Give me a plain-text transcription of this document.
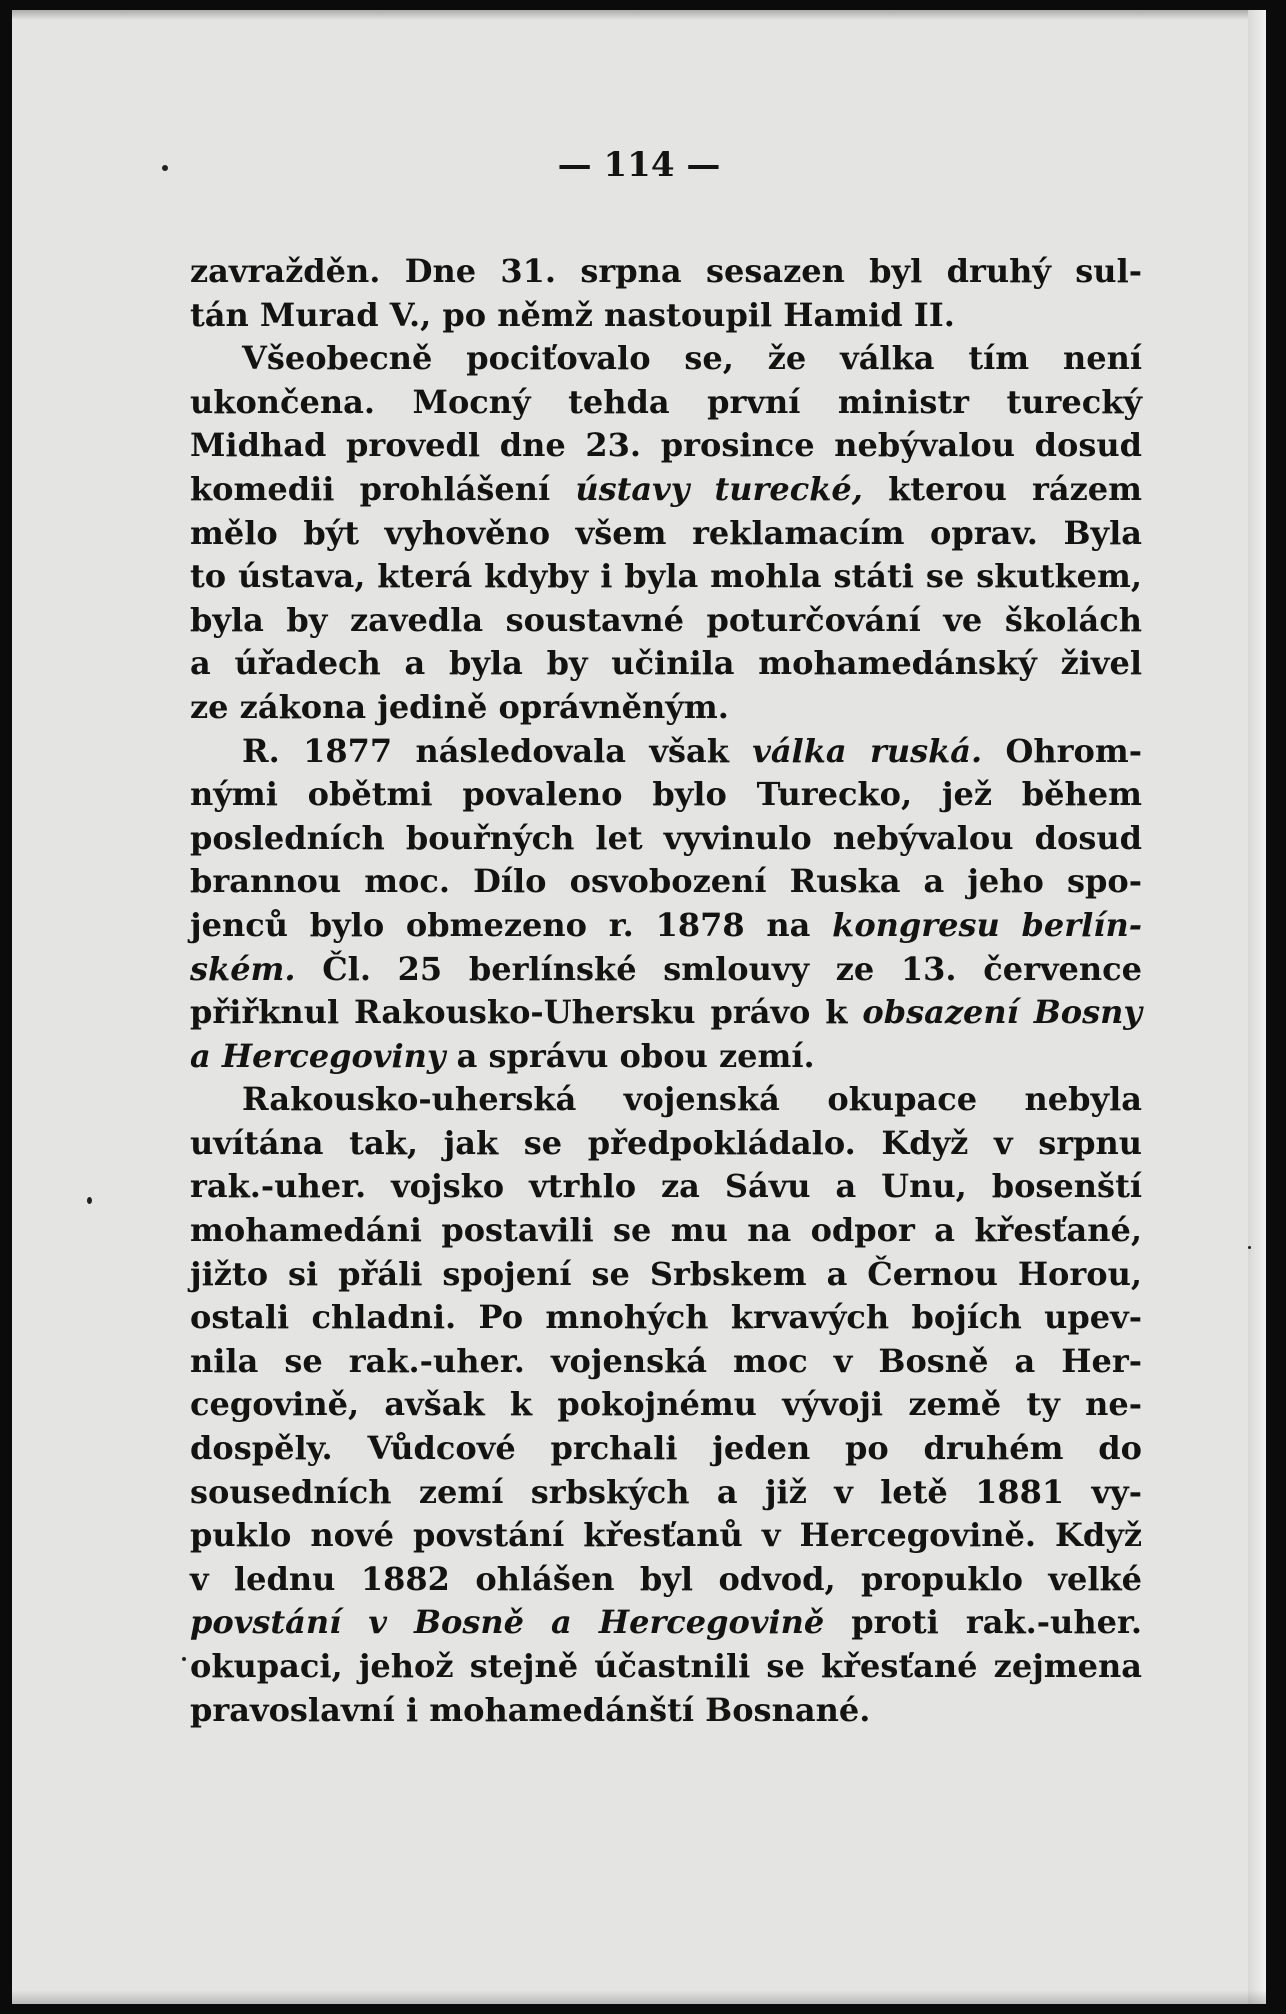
— 114 —
zavražděn. Dne 31. srpna sesazen byl druhý sul-
tán Murad V., po němž nastoupil Hamid II.
Všeobecně pociťovalo se, že válka tím není
ukončena. Mocný tehda první ministr turecký
Midhad provedl dne 23. prosince nebývalou dosud
komedii prohlášení ústavy turecké, kterou rázem
mělo být vyhověno všem reklamacím oprav. Byla
to ústava, která kdyby i byla mohla státi se skutkem,
byla by zavedla soustavné poturčování ve školách
a úřadech a byla by učinila mohamedánský živel
ze zákona jedině oprávněným.
R. 1877 následovala však válka ruská. Ohrom-
nými obětmi povaleno bylo Turecko, jež během
posledních bouřných let vyvinulo nebývalou dosud
brannou moc. Dílo osvobození Ruska a jeho spo-
jenců bylo obmezeno r. 1878 na kongresu berlín-
ském. Čl. 25 berlínské smlouvy ze 13. července
přiřknul Rakousko-Uhersku právo k obsazení Bosny
a Hercegoviny a správu obou zemí.
Rakousko-uherská vojenská okupace nebyla
uvítána tak, jak se předpokládalo. Když v srpnu
rak.-uher. vojsko vtrhlo za Sávu a Unu, bosenští
mohamedáni postavili se mu na odpor a křesťané,
jižto si přáli spojení se Srbskem a Černou Horou,
ostali chladni. Po mnohých krvavých bojích upev-
nila se rak.-uher. vojenská moc v Bosně a Her-
cegovině, avšak k pokojnému vývoji země ty ne-
dospěly. Vůdcové prchali jeden po druhém do
sousedních zemí srbských a již v letě 1881 vy-
puklo nové povstání křesťanů v Hercegovině. Když
v lednu 1882 ohlášen byl odvod, propuklo velké
povstání v Bosně a Hercegovině proti rak.-uher.
okupaci, jehož stejně účastnili se křesťané zejmena
pravoslavní i mohamedánští Bosnané.
